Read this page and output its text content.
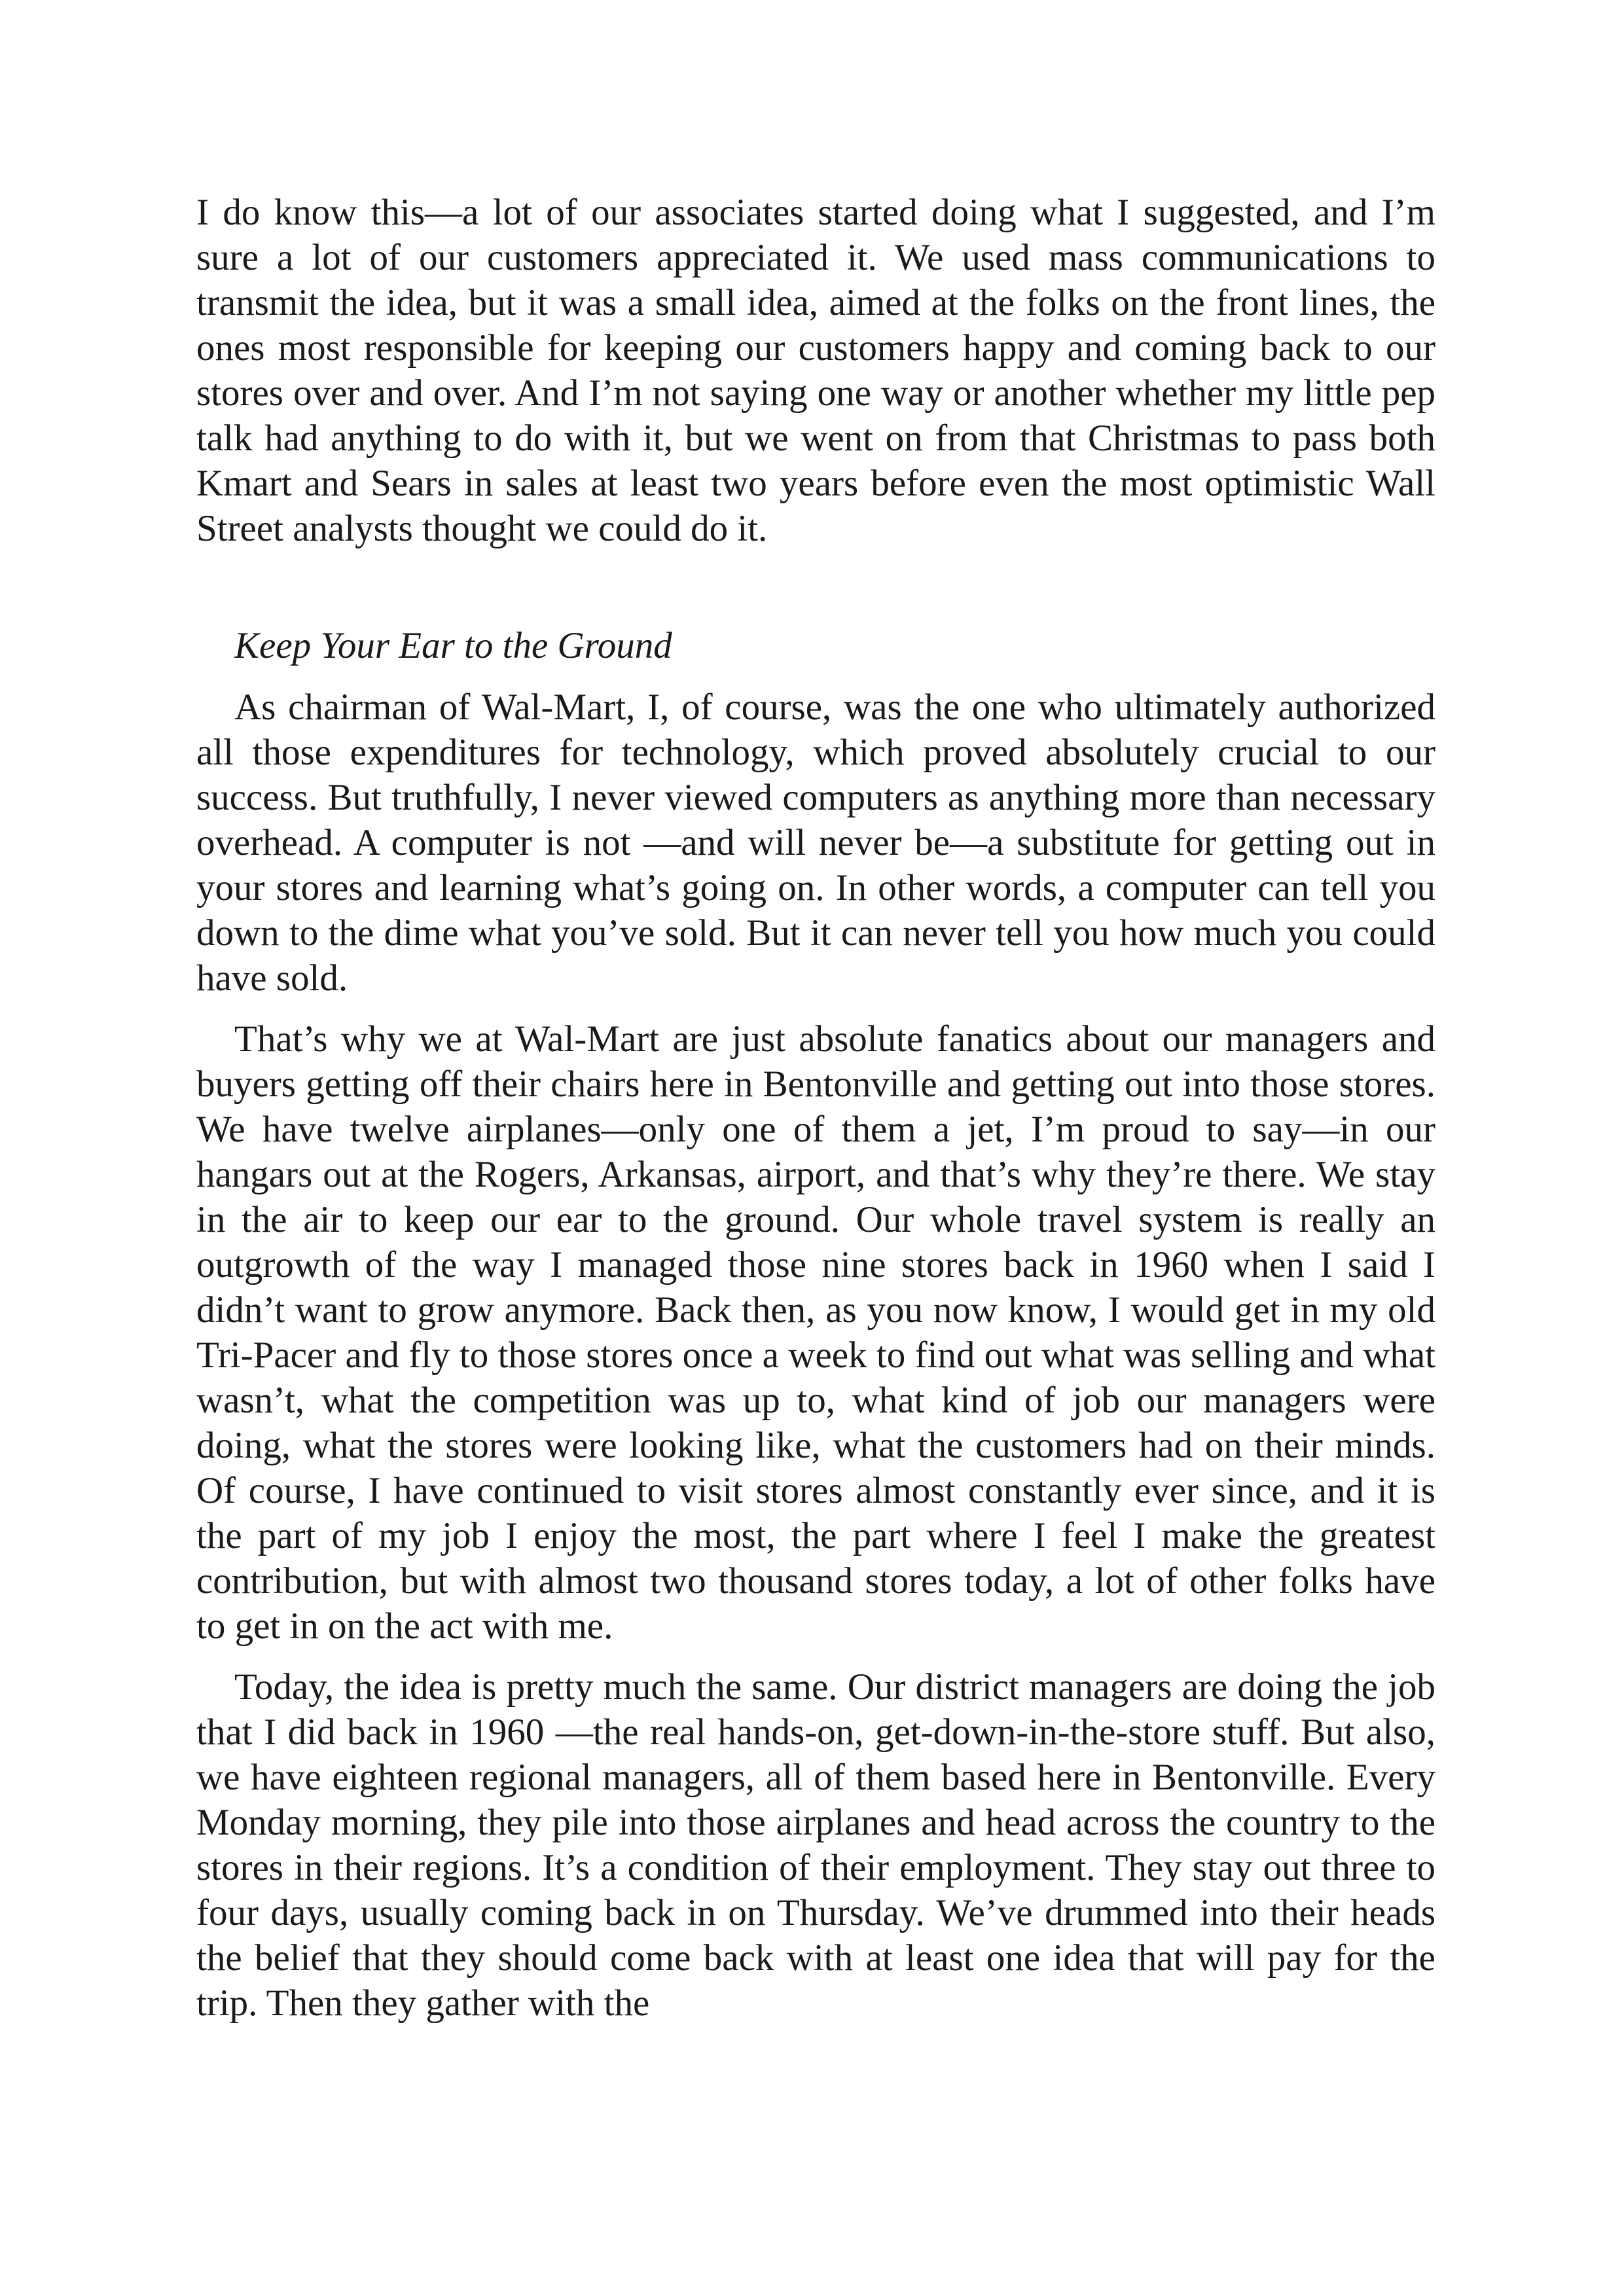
I do know this—a lot of our associates started doing what I suggested, and I’m sure a lot of our customers appreciated it. We used mass communications to transmit the idea, but it was a small idea, aimed at the folks on the front lines, the ones most responsible for keeping our customers happy and coming back to our stores over and over. And I’m not saying one way or another whether my little pep talk had anything to do with it, but we went on from that Christmas to pass both Kmart and Sears in sales at least two years before even the most optimistic Wall Street analysts thought we could do it.

Keep Your Ear to the Ground

As chairman of Wal-Mart, I, of course, was the one who ultimately authorized all those expenditures for technology, which proved absolutely crucial to our success. But truthfully, I never viewed computers as anything more than necessary overhead. A computer is not —and will never be—a substitute for getting out in your stores and learning what’s going on. In other words, a computer can tell you down to the dime what you’ve sold. But it can never tell you how much you could have sold.

That’s why we at Wal-Mart are just absolute fanatics about our managers and buyers getting off their chairs here in Bentonville and getting out into those stores. We have twelve airplanes—only one of them a jet, I’m proud to say—in our hangars out at the Rogers, Arkansas, airport, and that’s why they’re there. We stay in the air to keep our ear to the ground. Our whole travel system is really an outgrowth of the way I managed those nine stores back in 1960 when I said I didn’t want to grow anymore. Back then, as you now know, I would get in my old Tri-Pacer and fly to those stores once a week to find out what was selling and what wasn’t, what the competition was up to, what kind of job our managers were doing, what the stores were looking like, what the customers had on their minds. Of course, I have continued to visit stores almost constantly ever since, and it is the part of my job I enjoy the most, the part where I feel I make the greatest contribution, but with almost two thousand stores today, a lot of other folks have to get in on the act with me.

Today, the idea is pretty much the same. Our district managers are doing the job that I did back in 1960 —the real hands-on, get-down-in-the-store stuff. But also, we have eighteen regional managers, all of them based here in Bentonville. Every Monday morning, they pile into those airplanes and head across the country to the stores in their regions. It’s a condition of their employment. They stay out three to four days, usually coming back in on Thursday. We’ve drummed into their heads the belief that they should come back with at least one idea that will pay for the trip. Then they gather with the
